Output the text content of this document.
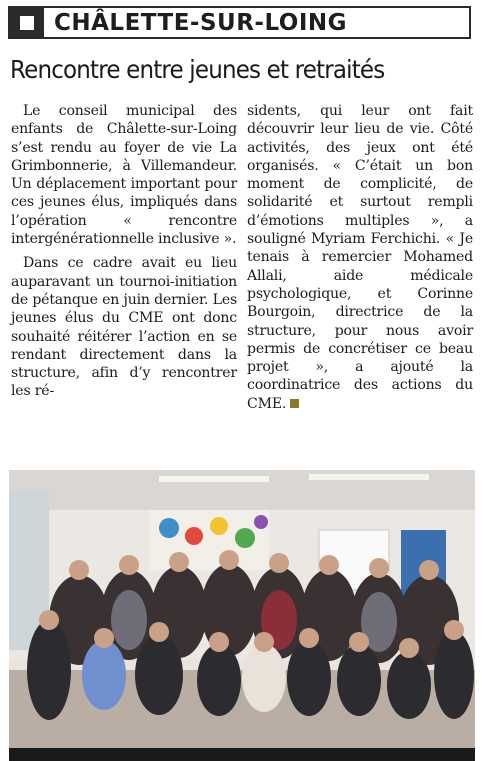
CHÂLETTE-SUR-LOING
Rencontre entre jeunes et retraités

Le conseil municipal des enfants de Châlette-sur-Loing s’est rendu au foyer de vie La Grimbonnerie, à Villemandeur. Un déplacement important pour ces jeunes élus, impliqués dans l’opération « rencontre intergénérationnelle inclusive ».

Dans ce cadre avait eu lieu auparavant un tournoi-initiation de pétanque en juin dernier. Les jeunes élus du CME ont donc souhaité réitérer l’action en se rendant directement dans la structure, afin d’y rencontrer les ré-

sidents, qui leur ont fait découvrir leur lieu de vie. Côté activités, des jeux ont été organisés. « C’était un bon moment de complicité, de solidarité et surtout rempli d’émotions multiples », a souligné Myriam Ferchichi. « Je tenais à remercier Mohamed Allali, aide médicale psychologique, et Corinne Bourgoin, directrice de la structure, pour nous avoir permis de concrétiser ce beau projet », a ajouté la coordinatrice des actions du CME.
